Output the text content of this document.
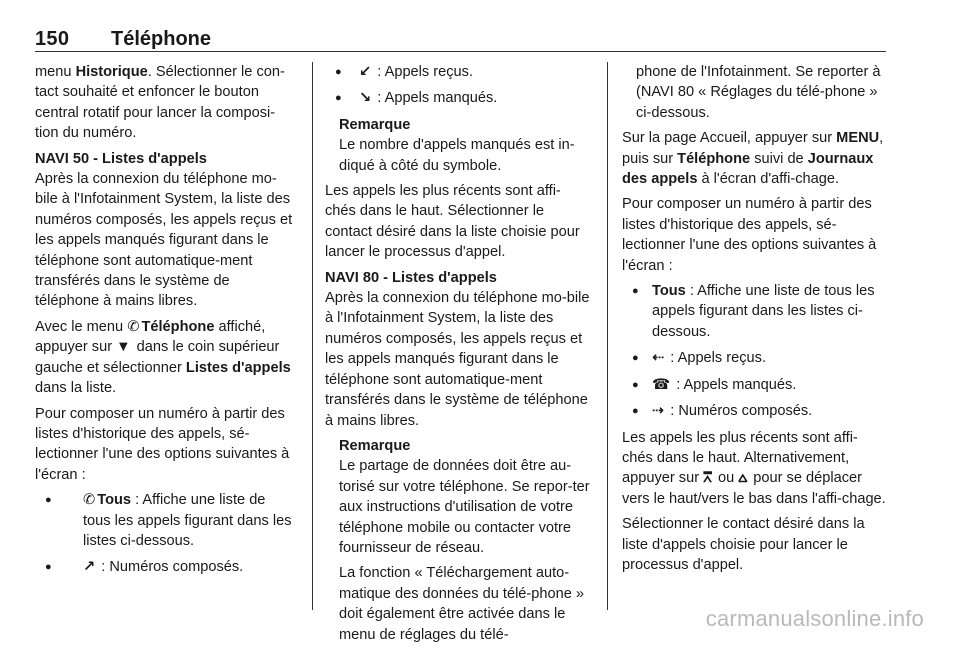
150 Téléphone

menu Historique. Sélectionner le con-tact souhaité et enfoncer le bouton central rotatif pour lancer la composi-tion du numéro.

NAVI 50 - Listes d'appels

Après la connexion du téléphone mo-bile à l'Infotainment System, la liste des numéros composés, les appels reçus et les appels manqués figurant dans le téléphone sont automatique-ment transférés dans le système de téléphone à mains libres.

Avec le menu ✆ Téléphone affiché, appuyer sur ▼ dans le coin supérieur gauche et sélectionner Listes d'appels dans la liste.

Pour composer un numéro à partir des listes d'historique des appels, sé-lectionner l'une des options suivantes à l'écran :

● ✆ Tous : Affiche une liste de tous les appels figurant dans les listes ci-dessous.
● ↗ : Numéros composés.
● ↙ : Appels reçus.
● ↘ : Appels manqués.

Remarque

Le nombre d'appels manqués est in-diqué à côté du symbole.

Les appels les plus récents sont affi-chés dans le haut. Sélectionner le contact désiré dans la liste choisie pour lancer le processus d'appel.

NAVI 80 - Listes d'appels

Après la connexion du téléphone mo-bile à l'Infotainment System, la liste des numéros composés, les appels reçus et les appels manqués figurant dans le téléphone sont automatique-ment transférés dans le système de téléphone à mains libres.

Remarque

Le partage de données doit être au-torisé sur votre téléphone. Se repor-ter aux instructions d'utilisation de votre téléphone mobile ou contacter votre fournisseur de réseau.

La fonction « Téléchargement auto-matique des données du télé-phone » doit également être activée dans le menu de réglages du télé-

phone de l'Infotainment. Se reporter à (NAVI 80 « Réglages du télé-phone » ci-dessous.

Sur la page Accueil, appuyer sur MENU, puis sur Téléphone suivi de Journaux des appels à l'écran d'affi-chage.

Pour composer un numéro à partir des listes d'historique des appels, sé-lectionner l'une des options suivantes à l'écran :

● Tous : Affiche une liste de tous les appels figurant dans les listes ci-dessous.
● ⇠ : Appels reçus.
● ☎ : Appels manqués.
● ⇢ : Numéros composés.

Les appels les plus récents sont affi-chés dans le haut. Alternativement, appuyer sur ⩞ ou ⩟ pour se déplacer vers le haut/vers le bas dans l'affi-chage.

Sélectionner le contact désiré dans la liste d'appels choisie pour lancer le processus d'appel.

carmanualsonline.info
